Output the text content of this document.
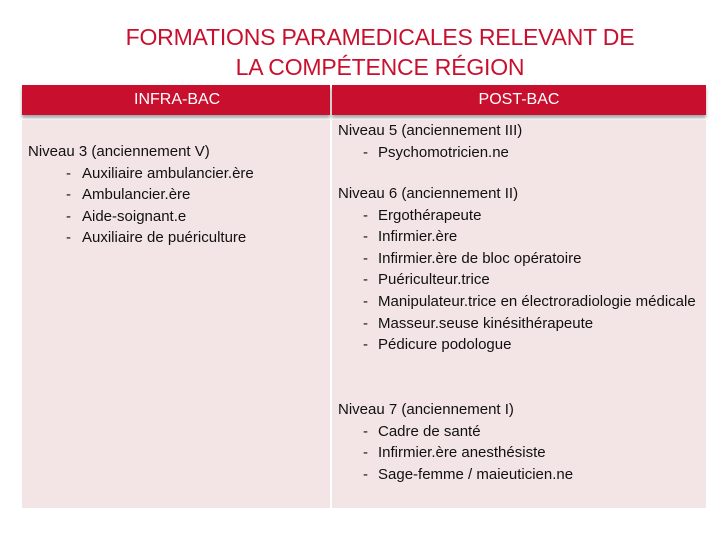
FORMATIONS PARAMEDICALES RELEVANT DE
LA COMPÉTENCE RÉGION
INFRA-BAC	POST-BAC
Niveau 3 (anciennement V)
- Auxiliaire ambulancier.ère
- Ambulancier.ère
- Aide-soignant.e
- Auxiliaire de puériculture
Niveau 5 (anciennement III)
- Psychomotricien.ne
Niveau 6 (anciennement II)
- Ergothérapeute
- Infirmier.ère
- Infirmier.ère de bloc opératoire
- Puériculteur.trice
- Manipulateur.trice en électroradiologie médicale
- Masseur.seuse kinésithérapeute
- Pédicure podologue
Niveau 7 (anciennement I)
- Cadre de santé
- Infirmier.ère anesthésiste
- Sage-femme / maieuticien.ne
